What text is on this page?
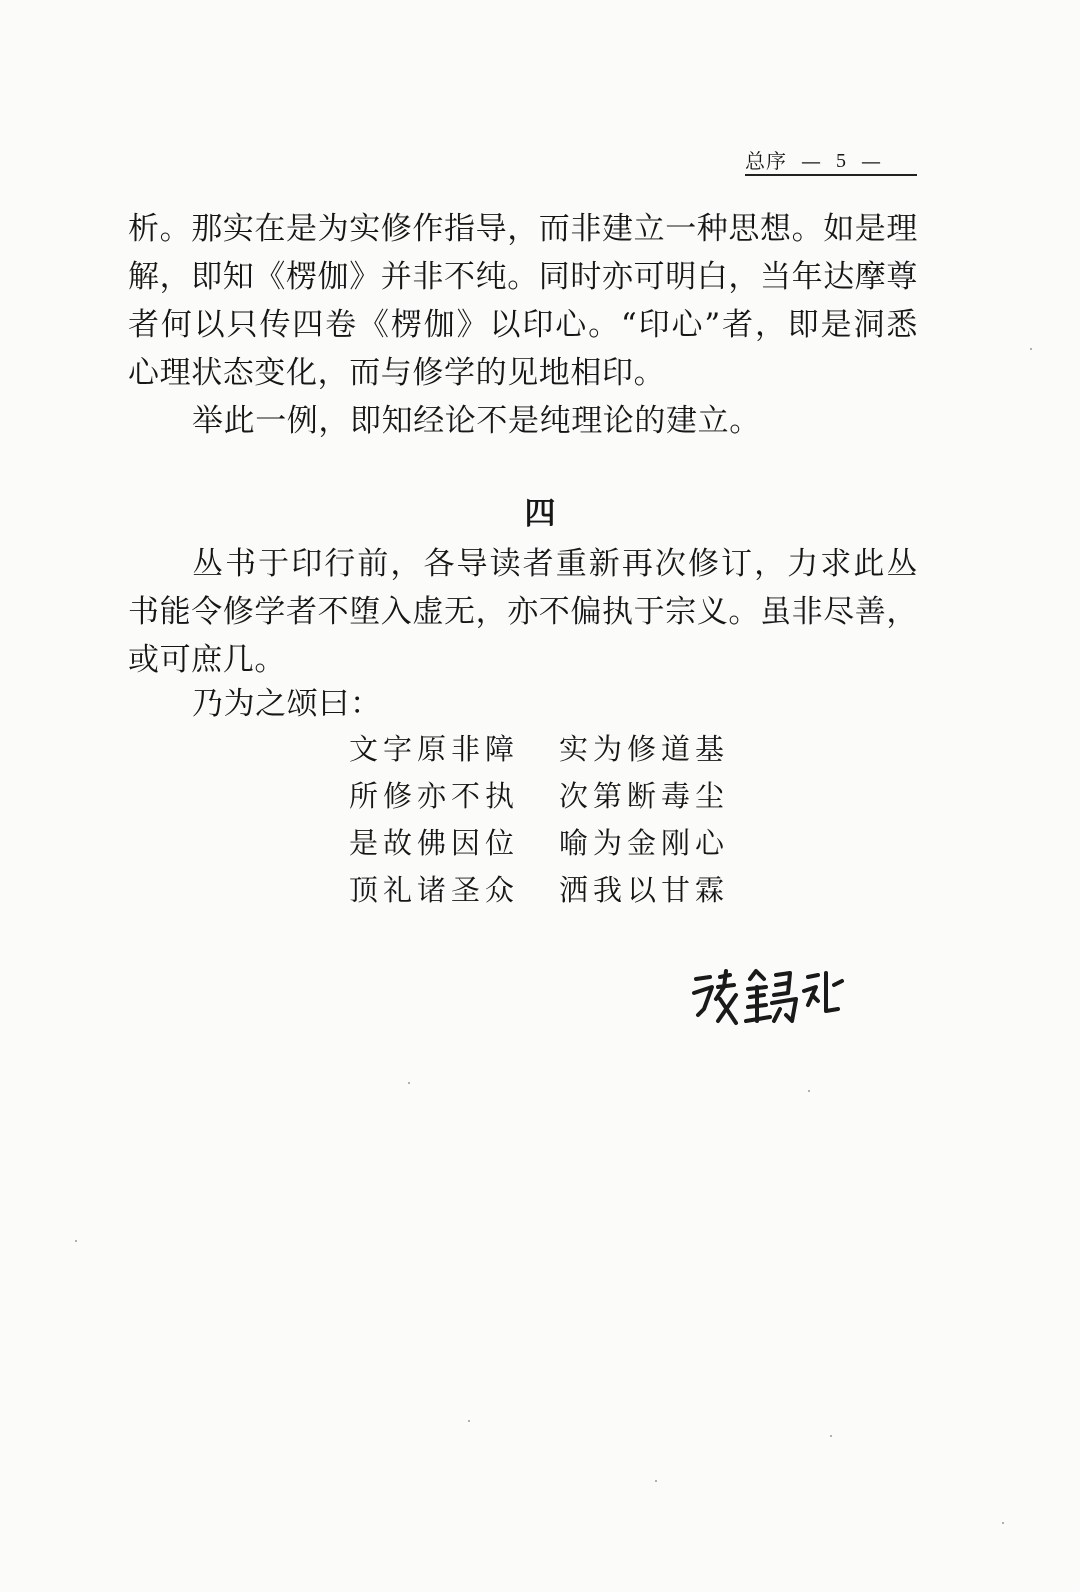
总序 — 5 —

析。那实在是为实修作指导，而非建立一种思想。如是理解，即知《楞伽》并非不纯。同时亦可明白，当年达摩尊者何以只传四卷《楞伽》以印心。“印心”者，即是洞悉心理状态变化，而与修学的见地相印。

举此一例，即知经论不是纯理论的建立。

四

丛书于印行前，各导读者重新再次修订，力求此丛书能令修学者不堕入虚无，亦不偏执于宗义。虽非尽善，或可庶几。

乃为之颂曰：

文字原非障 实为修道基
所修亦不执 次第断毒尘
是故佛因位 喻为金刚心
顶礼诸圣众 洒我以甘霖
